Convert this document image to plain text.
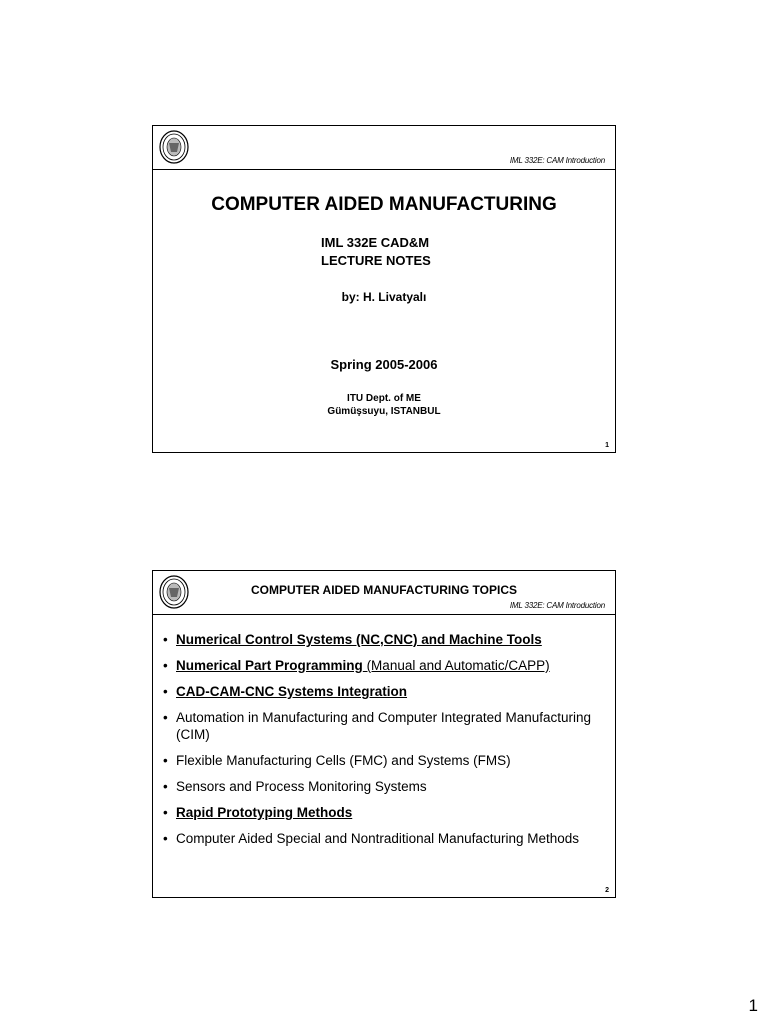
IML 332E: CAM Introduction
COMPUTER AIDED MANUFACTURING
IML 332E CAD&M
LECTURE NOTES
by: H. Livatyalı
Spring 2005-2006
ITU Dept. of ME
Gümüşsuyu, ISTANBUL
1
COMPUTER AIDED MANUFACTURING TOPICS
IML 332E: CAM Introduction
• Numerical Control Systems (NC,CNC) and Machine Tools
• Numerical Part Programming (Manual and Automatic/CAPP)
• CAD-CAM-CNC Systems Integration
• Automation in Manufacturing and Computer Integrated Manufacturing (CIM)
• Flexible Manufacturing Cells (FMC) and Systems (FMS)
• Sensors and Process Monitoring Systems
• Rapid Prototyping Methods
• Computer Aided Special and Nontraditional Manufacturing Methods
2
1
